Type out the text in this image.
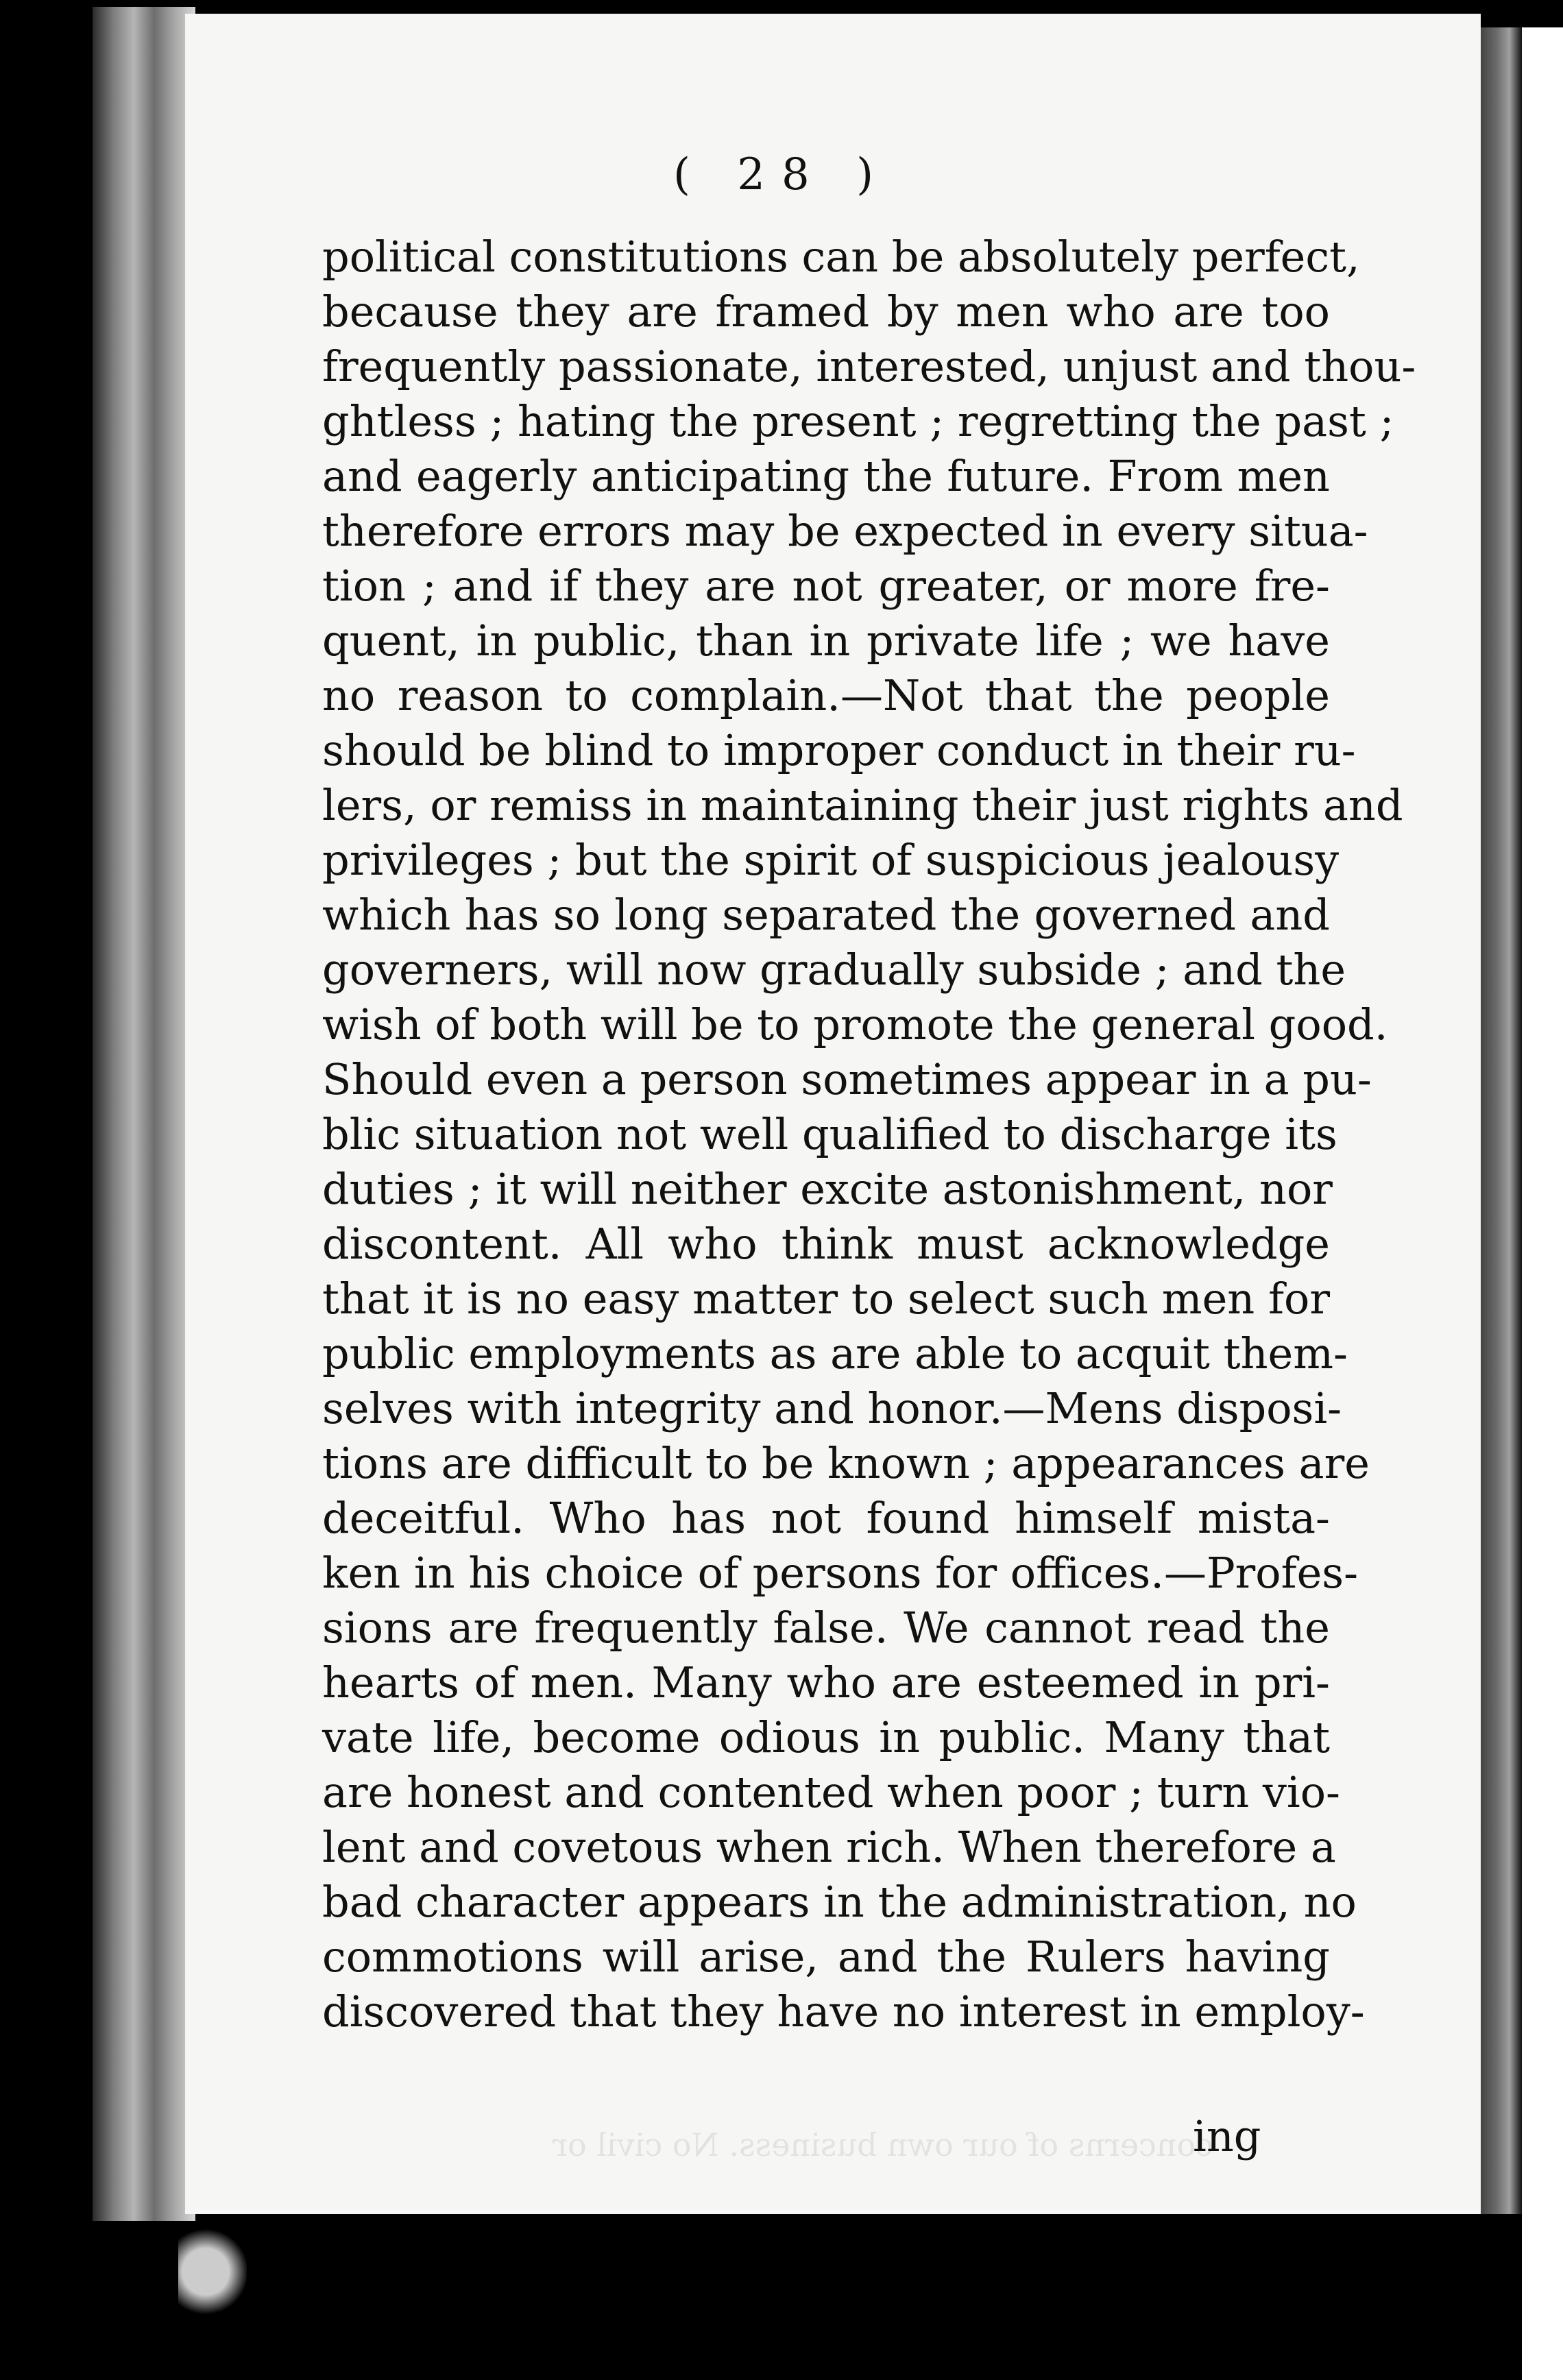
( 28 )
political constitutions can be absolutely perfect,
because they are framed by men who are too
frequently passionate, interested, unjust and thou-
ghtless ; hating the present ; regretting the past ;
and eagerly anticipating the future. From men
therefore errors may be expected in every situa-
tion ; and if they are not greater, or more fre-
quent, in public, than in private life ; we have
no reason to complain.—Not that the people
should be blind to improper conduct in their ru-
lers, or remiss in maintaining their just rights and
privileges ; but the spirit of suspicious jealousy
which has so long separated the governed and
governers, will now gradually subside ; and the
wish of both will be to promote the general good.
Should even a person sometimes appear in a pu-
blic situation not well qualified to discharge its
duties ; it will neither excite astonishment, nor
discontent. All who think must acknowledge
that it is no easy matter to select such men for
public employments as are able to acquit them-
selves with integrity and honor.—Mens disposi-
tions are difficult to be known ; appearances are
deceitful. Who has not found himself mista-
ken in his choice of persons for offices.—Profes-
sions are frequently false. We cannot read the
hearts of men. Many who are esteemed in pri-
vate life, become odious in public. Many that
are honest and contented when poor ; turn vio-
lent and covetous when rich. When therefore a
bad character appears in the administration, no
commotions will arise, and the Rulers having
discovered that they have no interest in employ-
concerns of our own business. No civil or
ing
